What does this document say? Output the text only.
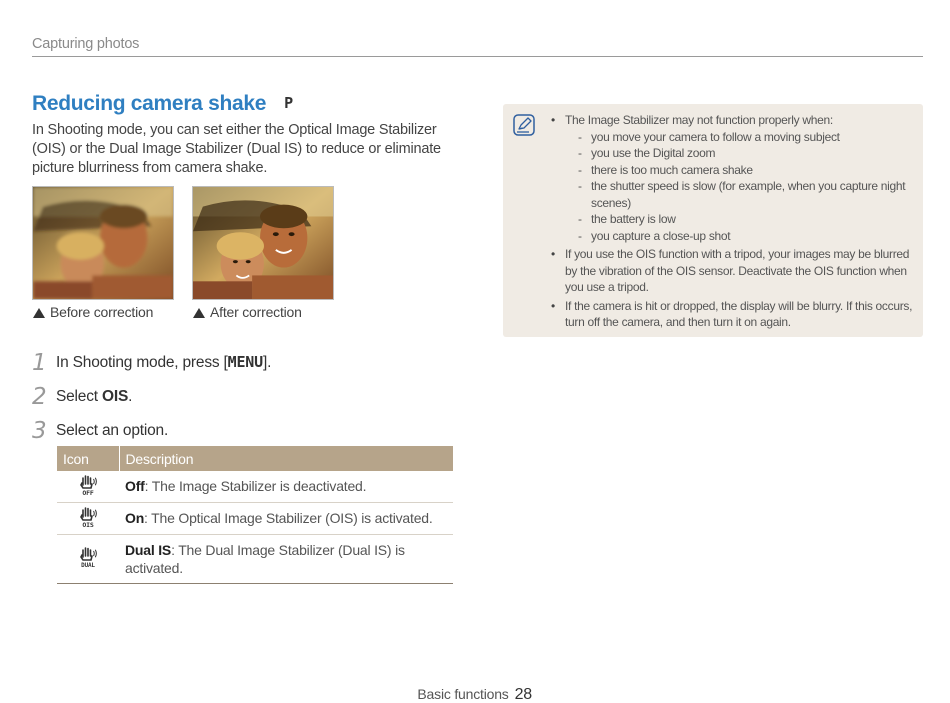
Capturing photos
Reducing camera shake P

In Shooting mode, you can set either the Optical Image Stabilizer (OIS) or the Dual Image Stabilizer (Dual IS) to reduce or eliminate picture blurriness from camera shake.

Before correction	After correction
1 In Shooting mode, press [MENU].
2 Select OIS.
3 Select an option.
Icon	Description

OFF	Off: The Image Stabilizer is deactivated.

OIS	On: The Optical Image Stabilizer (OIS) is activated.

DUAL	Dual IS: The Dual Image Stabilizer (Dual IS) is activated.
• The Image Stabilizer may not function properly when:
- you move your camera to follow a moving subject
- you use the Digital zoom
- there is too much camera shake
- the shutter speed is slow (for example, when you capture night scenes)
- the battery is low
- you capture a close-up shot
• If you use the OIS function with a tripod, your images may be blurred by the vibration of the OIS sensor. Deactivate the OIS function when you use a tripod.
• If the camera is hit or dropped, the display will be blurry. If this occurs, turn off the camera, and then turn it on again.
Basic functions 28
